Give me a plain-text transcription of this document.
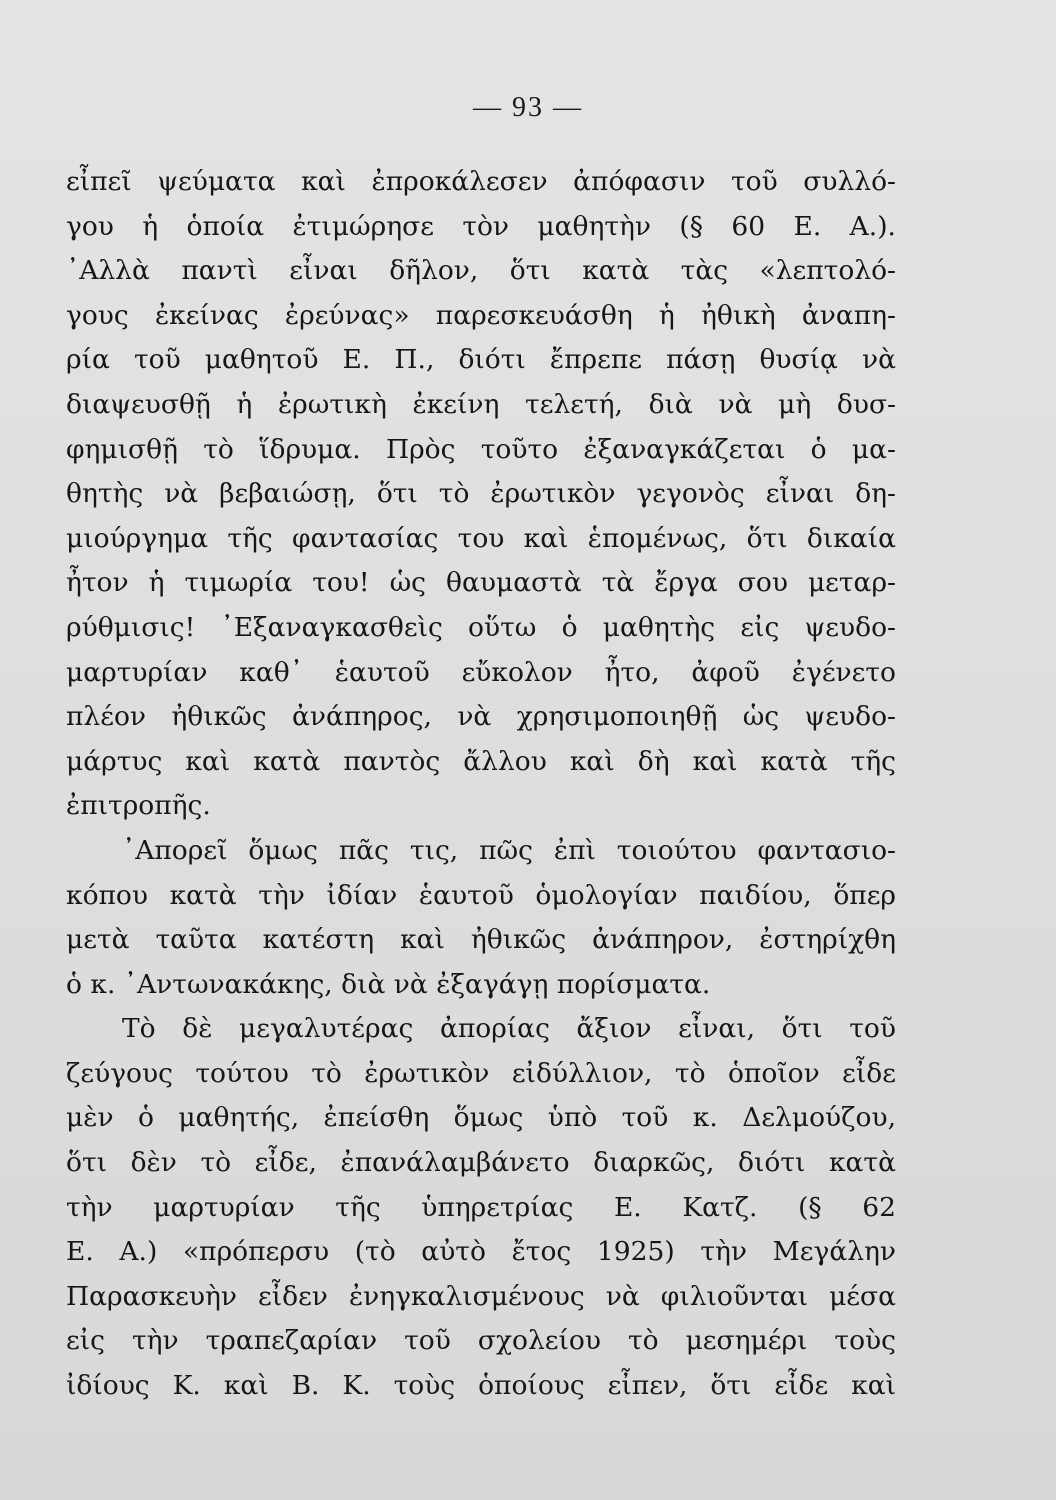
— 93 —
εἶπεῖ ψεύματα καὶ ἐπροκάλεσεν ἀπόφασιν τοῦ συλλό-
γου ἡ ὁποία ἐτιμώρησε τὸν μαθητὴν (§ 60 Ε. Α.).
᾿Αλλὰ παντὶ εἶναι δῆλον, ὅτι κατὰ τὰς «λεπτολό-
γους ἐκείνας ἐρεύνας» παρεσκευάσθη ἡ ἠθικὴ ἀναπη-
ρία τοῦ μαθητοῦ Ε. Π., διότι ἔπρεπε πάσῃ θυσίᾳ νὰ
διαψευσθῇ ἡ ἐρωτικὴ ἐκείνη τελετή, διὰ νὰ μὴ δυσ-
φημισθῇ τὸ ἵδρυμα. Πρὸς τοῦτο ἐξαναγκάζεται ὁ μα-
θητὴς νὰ βεβαιώσῃ, ὅτι τὸ ἐρωτικὸν γεγονὸς εἶναι δη-
μιούργημα τῆς φαντασίας του καὶ ἑπομένως, ὅτι δικαία
ἦτον ἡ τιμωρία του! ὡς θαυμαστὰ τὰ ἔργα σου μεταρ-
ρύθμισις! ᾿Εξαναγκασθεὶς οὕτω ὁ μαθητὴς εἰς ψευδο-
μαρτυρίαν καθ᾿ ἑαυτοῦ εὔκολον ἦτο, ἀφοῦ ἐγένετο
πλέον ἠθικῶς ἀνάπηρος, νὰ χρησιμοποιηθῇ ὡς ψευδο-
μάρτυς καὶ κατὰ παντὸς ἄλλου καὶ δὴ καὶ κατὰ τῆς
ἐπιτροπῆς.
᾿Απορεῖ ὅμως πᾶς τις, πῶς ἐπὶ τοιούτου φαντασιο-
κόπου κατὰ τὴν ἰδίαν ἑαυτοῦ ὁμολογίαν παιδίου, ὅπερ
μετὰ ταῦτα κατέστη καὶ ἠθικῶς ἀνάπηρον, ἐστηρίχθη
ὁ κ. ᾿Αντωνακάκης, διὰ νὰ ἐξαγάγῃ πορίσματα.
Τὸ δὲ μεγαλυτέρας ἀπορίας ἄξιον εἶναι, ὅτι τοῦ
ζεύγους τούτου τὸ ἐρωτικὸν εἰδύλλιον, τὸ ὁποῖον εἶδε
μὲν ὁ μαθητής, ἐπείσθη ὅμως ὑπὸ τοῦ κ. Δελμούζου,
ὅτι δὲν τὸ εἶδε, ἐπανάλαμβάνετο διαρκῶς, διότι κατὰ
τὴν μαρτυρίαν τῆς ὑπηρετρίας Ε. Κατζ. (§ 62
Ε. Α.) «πρόπερσυ (τὸ αὐτὸ ἔτος 1925) τὴν Μεγάλην
Παρασκευὴν εἶδεν ἐνηγκαλισμένους νὰ φιλιοῦνται μέσα
εἰς τὴν τραπεζαρίαν τοῦ σχολείου τὸ μεσημέρι τοὺς
ἰδίους Κ. καὶ Β. Κ. τοὺς ὁποίους εἶπεν, ὅτι εἶδε καὶ
